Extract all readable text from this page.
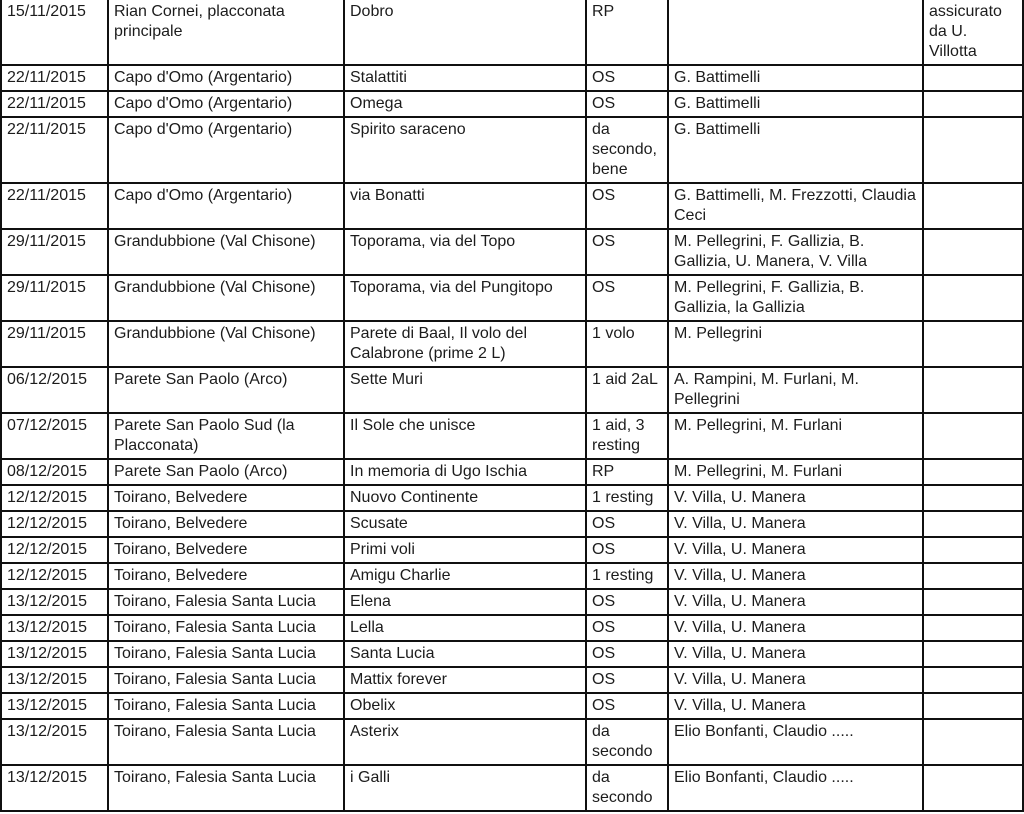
15/11/2015	Rian Cornei, placconata principale	Dobro	RP		assicurato da U. Villotta

22/11/2015	Capo d'Omo (Argentario)	Stalattiti	OS	G. Battimelli	

22/11/2015	Capo d'Omo (Argentario)	Omega	OS	G. Battimelli	

22/11/2015	Capo d'Omo (Argentario)	Spirito saraceno	da secondo, bene	G. Battimelli	

22/11/2015	Capo d'Omo (Argentario)	via Bonatti	OS	G. Battimelli, M. Frezzotti, Claudia Ceci	

29/11/2015	Grandubbione (Val Chisone)	Toporama, via del Topo	OS	M. Pellegrini, F. Gallizia, B. Gallizia, U. Manera, V. Villa	

29/11/2015	Grandubbione (Val Chisone)	Toporama, via del Pungitopo	OS	M. Pellegrini, F. Gallizia, B. Gallizia, la Gallizia	

29/11/2015	Grandubbione (Val Chisone)	Parete di Baal, Il volo del Calabrone (prime 2 L)	1 volo	M. Pellegrini	

06/12/2015	Parete San Paolo (Arco)	Sette Muri	1 aid 2aL	A. Rampini, M. Furlani, M. Pellegrini	

07/12/2015	Parete San Paolo Sud (la Placconata)	Il Sole che unisce	1 aid, 3 resting	M. Pellegrini, M. Furlani	

08/12/2015	Parete San Paolo (Arco)	In memoria di Ugo Ischia	RP	M. Pellegrini, M. Furlani	

12/12/2015	Toirano, Belvedere	Nuovo Continente	1 resting	V. Villa, U. Manera	

12/12/2015	Toirano, Belvedere	Scusate	OS	V. Villa, U. Manera	

12/12/2015	Toirano, Belvedere	Primi voli	OS	V. Villa, U. Manera	

12/12/2015	Toirano, Belvedere	Amigu Charlie	1 resting	V. Villa, U. Manera	

13/12/2015	Toirano, Falesia Santa Lucia	Elena	OS	V. Villa, U. Manera	

13/12/2015	Toirano, Falesia Santa Lucia	Lella	OS	V. Villa, U. Manera	

13/12/2015	Toirano, Falesia Santa Lucia	Santa Lucia	OS	V. Villa, U. Manera	

13/12/2015	Toirano, Falesia Santa Lucia	Mattix forever	OS	V. Villa, U. Manera	

13/12/2015	Toirano, Falesia Santa Lucia	Obelix	OS	V. Villa, U. Manera	

13/12/2015	Toirano, Falesia Santa Lucia	Asterix	da secondo	Elio Bonfanti, Claudio .....	

13/12/2015	Toirano, Falesia Santa Lucia	i Galli	da secondo	Elio Bonfanti, Claudio .....	
